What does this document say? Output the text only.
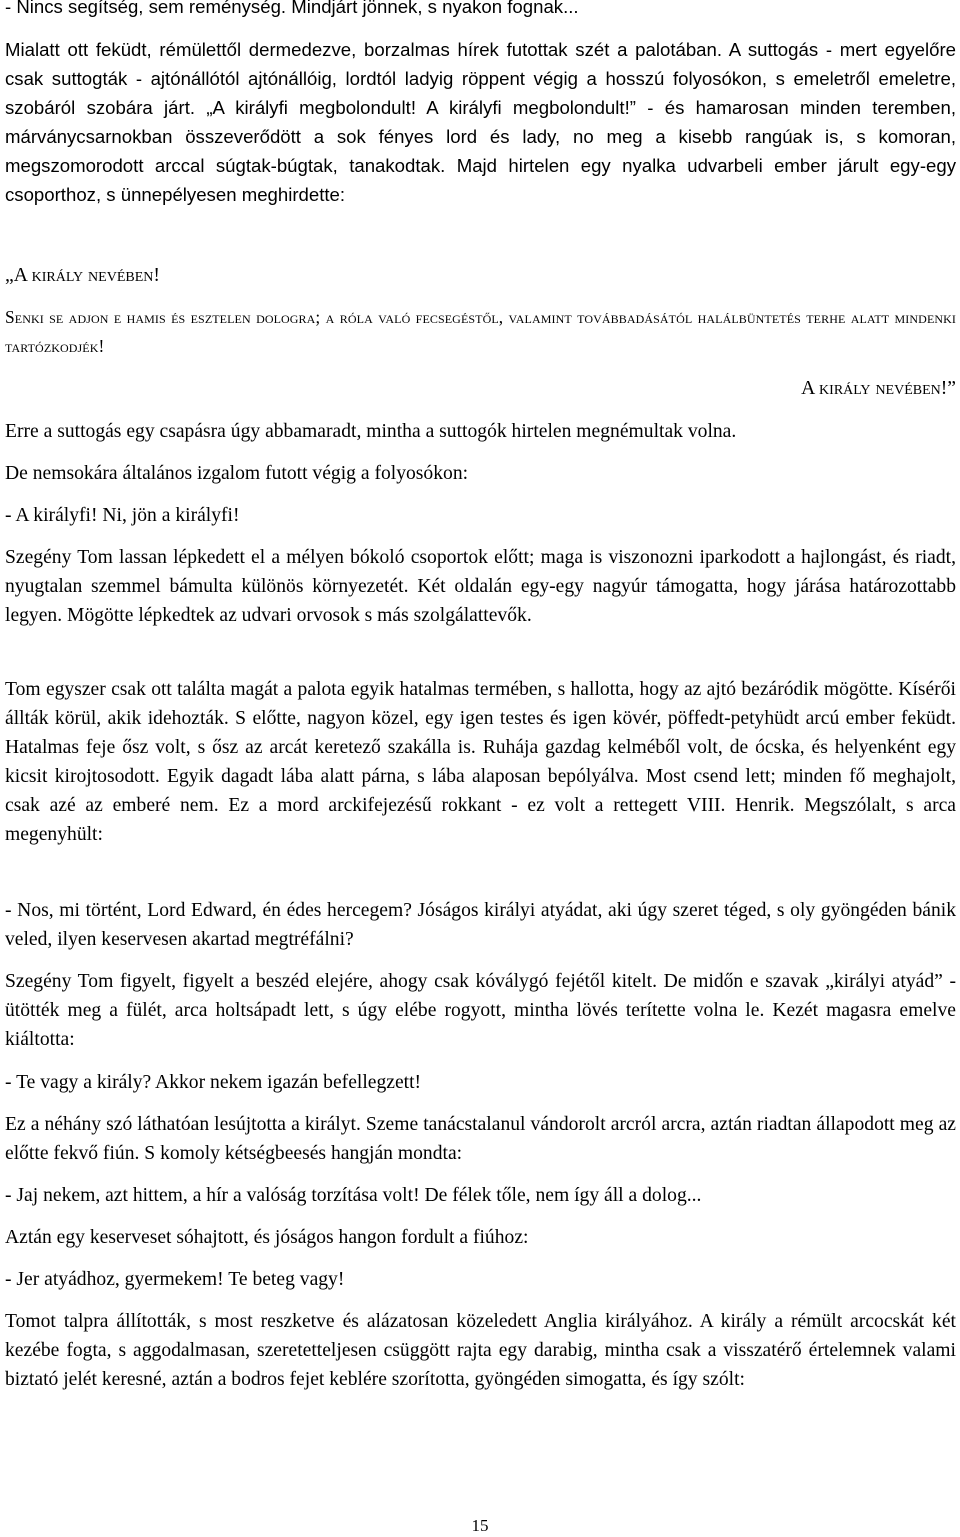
- Nincs segítség, sem reménység. Mindjárt jönnek, s nyakon fognak...
Mialatt ott feküdt, rémülettől dermedezve, borzalmas hírek futottak szét a palotában. A suttogás - mert egyelőre csak suttogták - ajtónállótól ajtónállóig, lordtól ladyig röppent végig a hosszú folyosókon, s emeletről emeletre, szobáról szobára járt. „A királyfi megbolondult! A királyfi megbolondult!” - és hamarosan minden teremben, márványcsarnokban összeverődött a sok fényes lord és lady, no meg a kisebb rangúak is, s komoran, megszomorodott arccal súgtak-búgtak, tanakodtak. Majd hirtelen egy nyalka udvarbeli ember járult egy-egy csoporthoz, s ünnepélyesen meghirdette:
„A király nevében!
Senki se adjon e hamis és esztelen dologra; a róla való fecsegéstől, valamint továbbadásától halálbüntetés terhe alatt mindenki tartózkodjék!
A király nevében!”
Erre a suttogás egy csapásra úgy abbamaradt, mintha a suttogók hirtelen megnémultak volna.
De nemsokára általános izgalom futott végig a folyosókon:
- A királyfi! Ni, jön a királyfi!
Szegény Tom lassan lépkedett el a mélyen bókoló csoportok előtt; maga is viszonozni iparkodott a hajlongást, és riadt, nyugtalan szemmel bámulta különös környezetét. Két oldalán egy-egy nagyúr támogatta, hogy járása határozottabb legyen. Mögötte lépkedtek az udvari orvosok s más szolgálattevők.
Tom egyszer csak ott találta magát a palota egyik hatalmas termében, s hallotta, hogy az ajtó bezáródik mögötte. Kísérői állták körül, akik idehozták. S előtte, nagyon közel, egy igen testes és igen kövér, pöffedt-petyhüdt arcú ember feküdt. Hatalmas feje ősz volt, s ősz az arcát keretező szakálla is. Ruhája gazdag kelméből volt, de ócska, és helyenként egy kicsit kirojtosodott. Egyik dagadt lába alatt párna, s lába alaposan bepólyálva. Most csend lett; minden fő meghajolt, csak azé az emberé nem. Ez a mord arckifejezésű rokkant - ez volt a rettegett VIII. Henrik. Megszólalt, s arca megenyhült:
- Nos, mi történt, Lord Edward, én édes hercegem? Jóságos királyi atyádat, aki úgy szeret téged, s oly gyöngéden bánik veled, ilyen keservesen akartad megtréfálni?
Szegény Tom figyelt, figyelt a beszéd elejére, ahogy csak kóválygó fejétől kitelt. De midőn e szavak „királyi atyád” - ütötték meg a fülét, arca holtsápadt lett, s úgy elébe rogyott, mintha lövés terítette volna le. Kezét magasra emelve kiáltotta:
- Te vagy a király? Akkor nekem igazán befellegzett!
Ez a néhány szó láthatóan lesújtotta a királyt. Szeme tanácstalanul vándorolt arcról arcra, aztán riadtan állapodott meg az előtte fekvő fiún. S komoly kétségbeesés hangján mondta:
- Jaj nekem, azt hittem, a hír a valóság torzítása volt! De félek tőle, nem így áll a dolog...
Aztán egy keserveset sóhajtott, és jóságos hangon fordult a fiúhoz:
- Jer atyádhoz, gyermekem! Te beteg vagy!
Tomot talpra állították, s most reszketve és alázatosan közeledett Anglia királyához. A király a rémült arcocskát két kezébe fogta, s aggodalmasan, szeretetteljesen csüggött rajta egy darabig, mintha csak a visszatérő értelemnek valami biztató jelét keresné, aztán a bodros fejet keblére szorította, gyöngéden simogatta, és így szólt:
15
